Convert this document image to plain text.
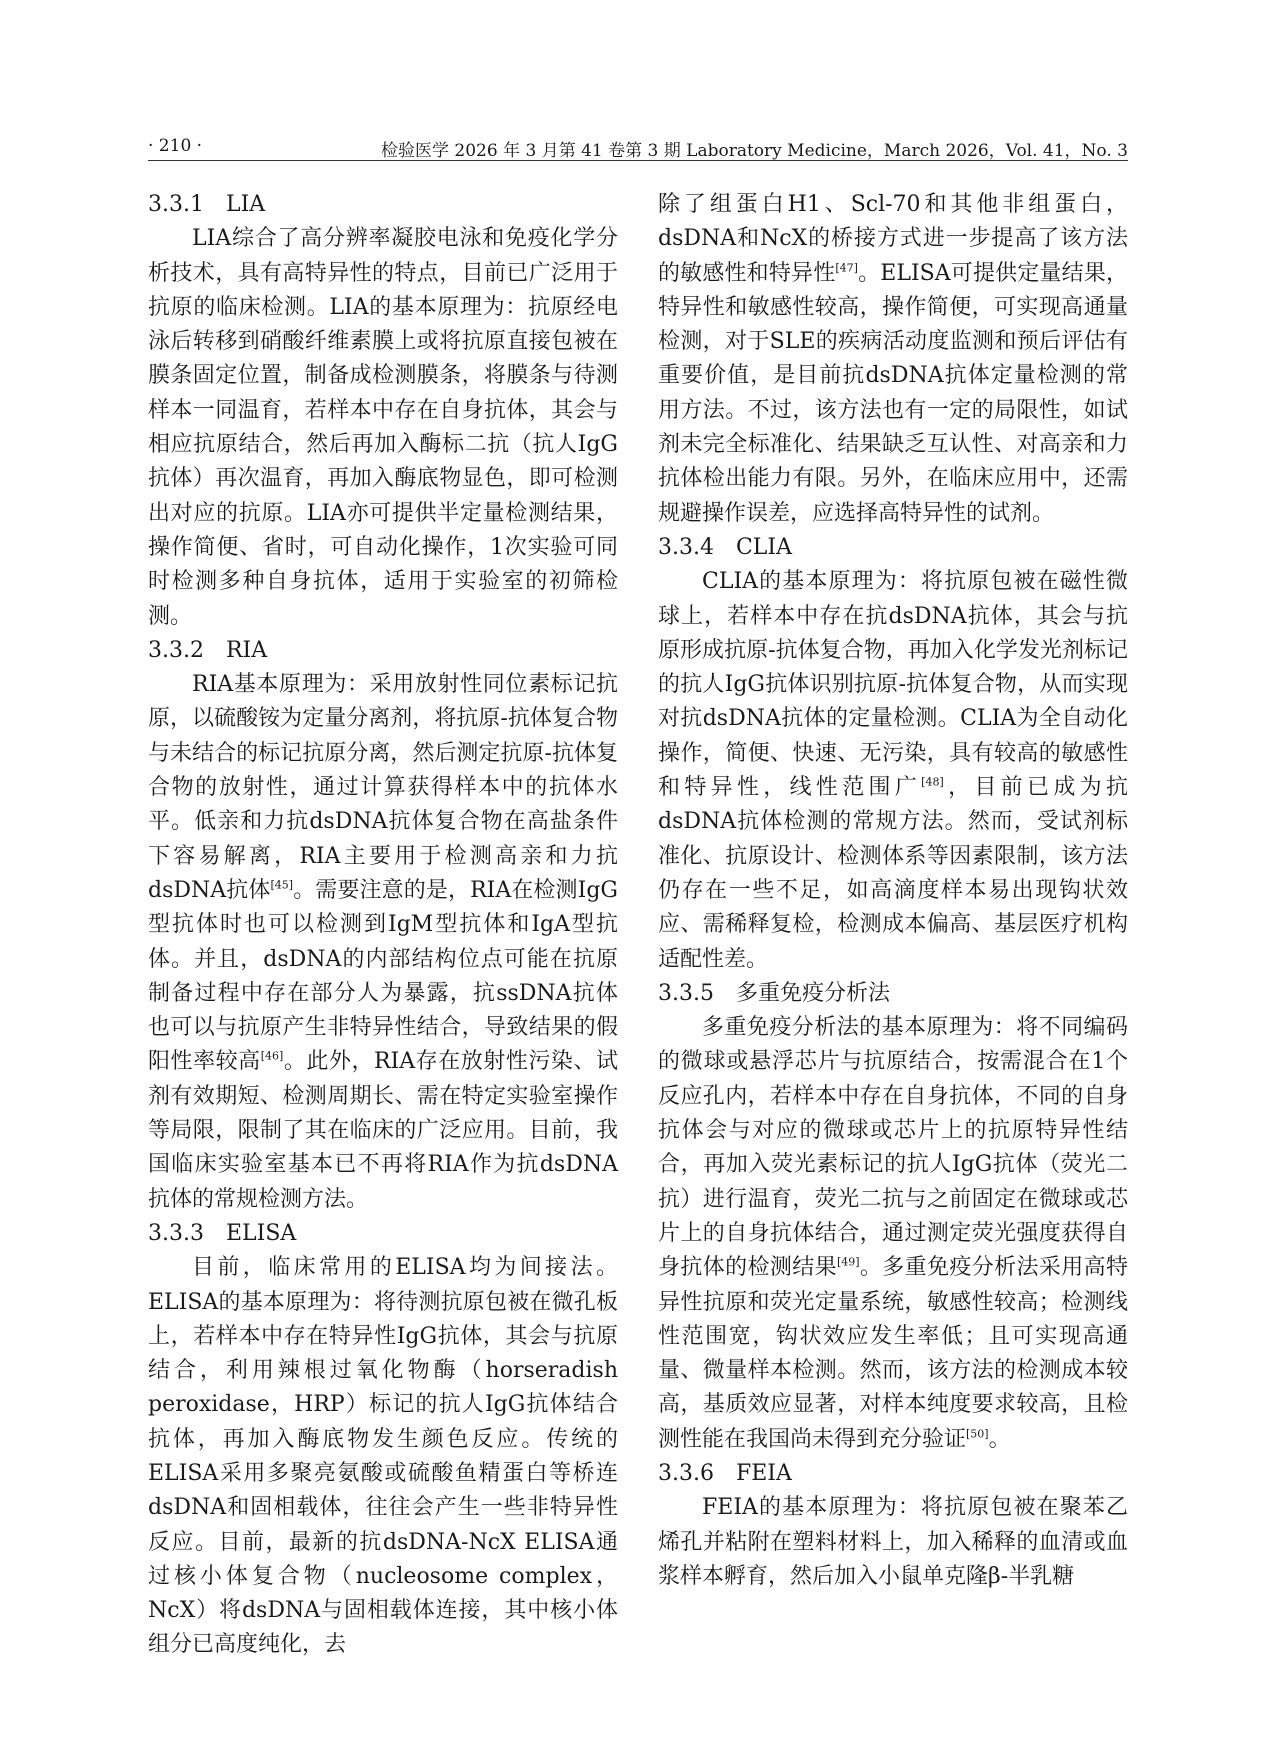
· 210 ·	检验医学 2026 年 3 月第 41 卷第 3 期 Laboratory Medicine，March 2026，Vol. 41，No. 3
3.3.1　LIA

LIA综合了高分辨率凝胶电泳和免疫化学分析技术，具有高特异性的特点，目前已广泛用于抗原的临床检测。LIA的基本原理为：抗原经电泳后转移到硝酸纤维素膜上或将抗原直接包被在膜条固定位置，制备成检测膜条，将膜条与待测样本一同温育，若样本中存在自身抗体，其会与相应抗原结合，然后再加入酶标二抗（抗人IgG抗体）再次温育，再加入酶底物显色，即可检测出对应的抗原。LIA亦可提供半定量检测结果，操作简便、省时，可自动化操作，1次实验可同时检测多种自身抗体，适用于实验室的初筛检测。

3.3.2　RIA

RIA基本原理为：采用放射性同位素标记抗原，以硫酸铵为定量分离剂，将抗原-抗体复合物与未结合的标记抗原分离，然后测定抗原-抗体复合物的放射性，通过计算获得样本中的抗体水平。低亲和力抗dsDNA抗体复合物在高盐条件下容易解离，RIA主要用于检测高亲和力抗dsDNA抗体[45]。需要注意的是，RIA在检测IgG型抗体时也可以检测到IgM型抗体和IgA型抗体。并且，dsDNA的内部结构位点可能在抗原制备过程中存在部分人为暴露，抗ssDNA抗体也可以与抗原产生非特异性结合，导致结果的假阳性率较高[46]。此外，RIA存在放射性污染、试剂有效期短、检测周期长、需在特定实验室操作等局限，限制了其在临床的广泛应用。目前，我国临床实验室基本已不再将RIA作为抗dsDNA抗体的常规检测方法。

3.3.3　ELISA

目前，临床常用的ELISA均为间接法。ELISA的基本原理为：将待测抗原包被在微孔板上，若样本中存在特异性IgG抗体，其会与抗原结合，利用辣根过氧化物酶（horseradish peroxidase，HRP）标记的抗人IgG抗体结合抗体，再加入酶底物发生颜色反应。传统的ELISA采用多聚亮氨酸或硫酸鱼精蛋白等桥连dsDNA和固相载体，往往会产生一些非特异性反应。目前，最新的抗dsDNA-NcX ELISA通过核小体复合物（nucleosome complex，NcX）将dsDNA与固相载体连接，其中核小体组分已高度纯化，去

除了组蛋白H1、Scl-70和其他非组蛋白，dsDNA和NcX的桥接方式进一步提高了该方法的敏感性和特异性[47]。ELISA可提供定量结果，特异性和敏感性较高，操作简便，可实现高通量检测，对于SLE的疾病活动度监测和预后评估有重要价值，是目前抗dsDNA抗体定量检测的常用方法。不过，该方法也有一定的局限性，如试剂未完全标准化、结果缺乏互认性、对高亲和力抗体检出能力有限。另外，在临床应用中，还需规避操作误差，应选择高特异性的试剂。

3.3.4　CLIA

CLIA的基本原理为：将抗原包被在磁性微球上，若样本中存在抗dsDNA抗体，其会与抗原形成抗原-抗体复合物，再加入化学发光剂标记的抗人IgG抗体识别抗原-抗体复合物，从而实现对抗dsDNA抗体的定量检测。CLIA为全自动化操作，简便、快速、无污染，具有较高的敏感性和特异性，线性范围广[48]，目前已成为抗dsDNA抗体检测的常规方法。然而，受试剂标准化、抗原设计、检测体系等因素限制，该方法仍存在一些不足，如高滴度样本易出现钩状效应、需稀释复检，检测成本偏高、基层医疗机构适配性差。

3.3.5　多重免疫分析法

多重免疫分析法的基本原理为：将不同编码的微球或悬浮芯片与抗原结合，按需混合在1个反应孔内，若样本中存在自身抗体，不同的自身抗体会与对应的微球或芯片上的抗原特异性结合，再加入荧光素标记的抗人IgG抗体（荧光二抗）进行温育，荧光二抗与之前固定在微球或芯片上的自身抗体结合，通过测定荧光强度获得自身抗体的检测结果[49]。多重免疫分析法采用高特异性抗原和荧光定量系统，敏感性较高；检测线性范围宽，钩状效应发生率低；且可实现高通量、微量样本检测。然而，该方法的检测成本较高，基质效应显著，对样本纯度要求较高，且检测性能在我国尚未得到充分验证[50]。

3.3.6　FEIA

FEIA的基本原理为：将抗原包被在聚苯乙烯孔并粘附在塑料材料上，加入稀释的血清或血浆样本孵育，然后加入小鼠单克隆β-半乳糖
